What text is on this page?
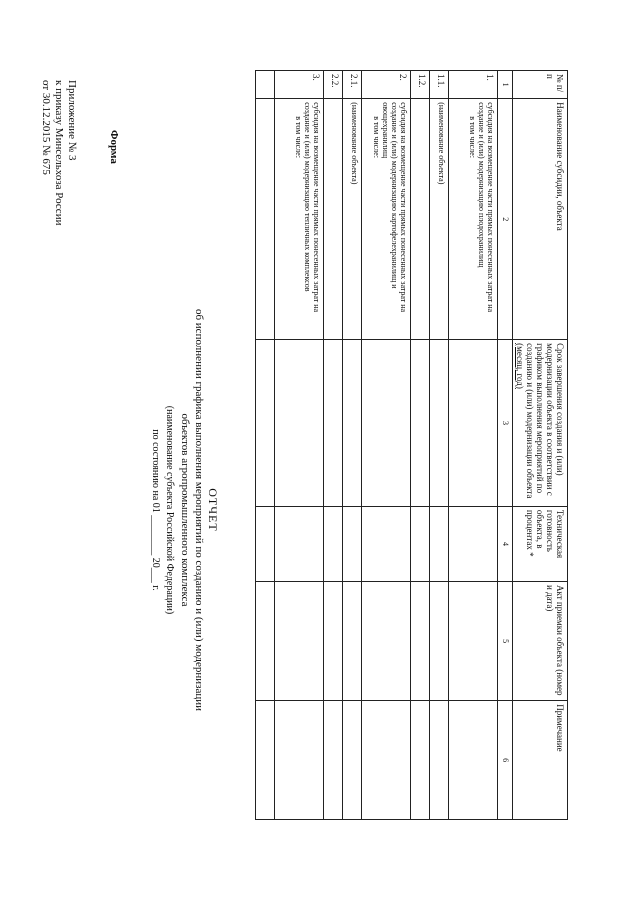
Приложение № 3
к приказу Минсельхоза России
от 30.12.2015 № 675	Форма
ОТЧЕТ
об исполнении графика выполнения мероприятий по созданию и (или) модернизации объектов агропромышленного комплекса
(наименование субъекта Российской Федерации)
по состоянию на 01 ________ 20___ г.
№ п/п	Наименование субсидии, объекта	Срок завершения создания и (или) модернизации объекта в соответствии с графиком выполнения мероприятий по созданию и (или) модернизации объекта (месяц, год)	Техническая готовность объекта, в процентах *	Акт приемки объекта (номер и дата)	Примечание
1	2	3	4	5	6
1.	субсидия на возмещение части прямых понесенных затрат на создание и (или) модернизацию плодохранилищ
в том числе:				

1.1.	(наименование объекта)				
1.2.					
2.	субсидия на возмещение части прямых понесенных затрат на создание и (или) модернизацию картофелехранилищ и овощехранилищ
в том числе:				

2.1.	(наименование объекта)				
2.2.					
3.	субсидия на возмещение части прямых понесенных затрат на создание и (или) модернизацию тепличных комплексов
в том числе:				
